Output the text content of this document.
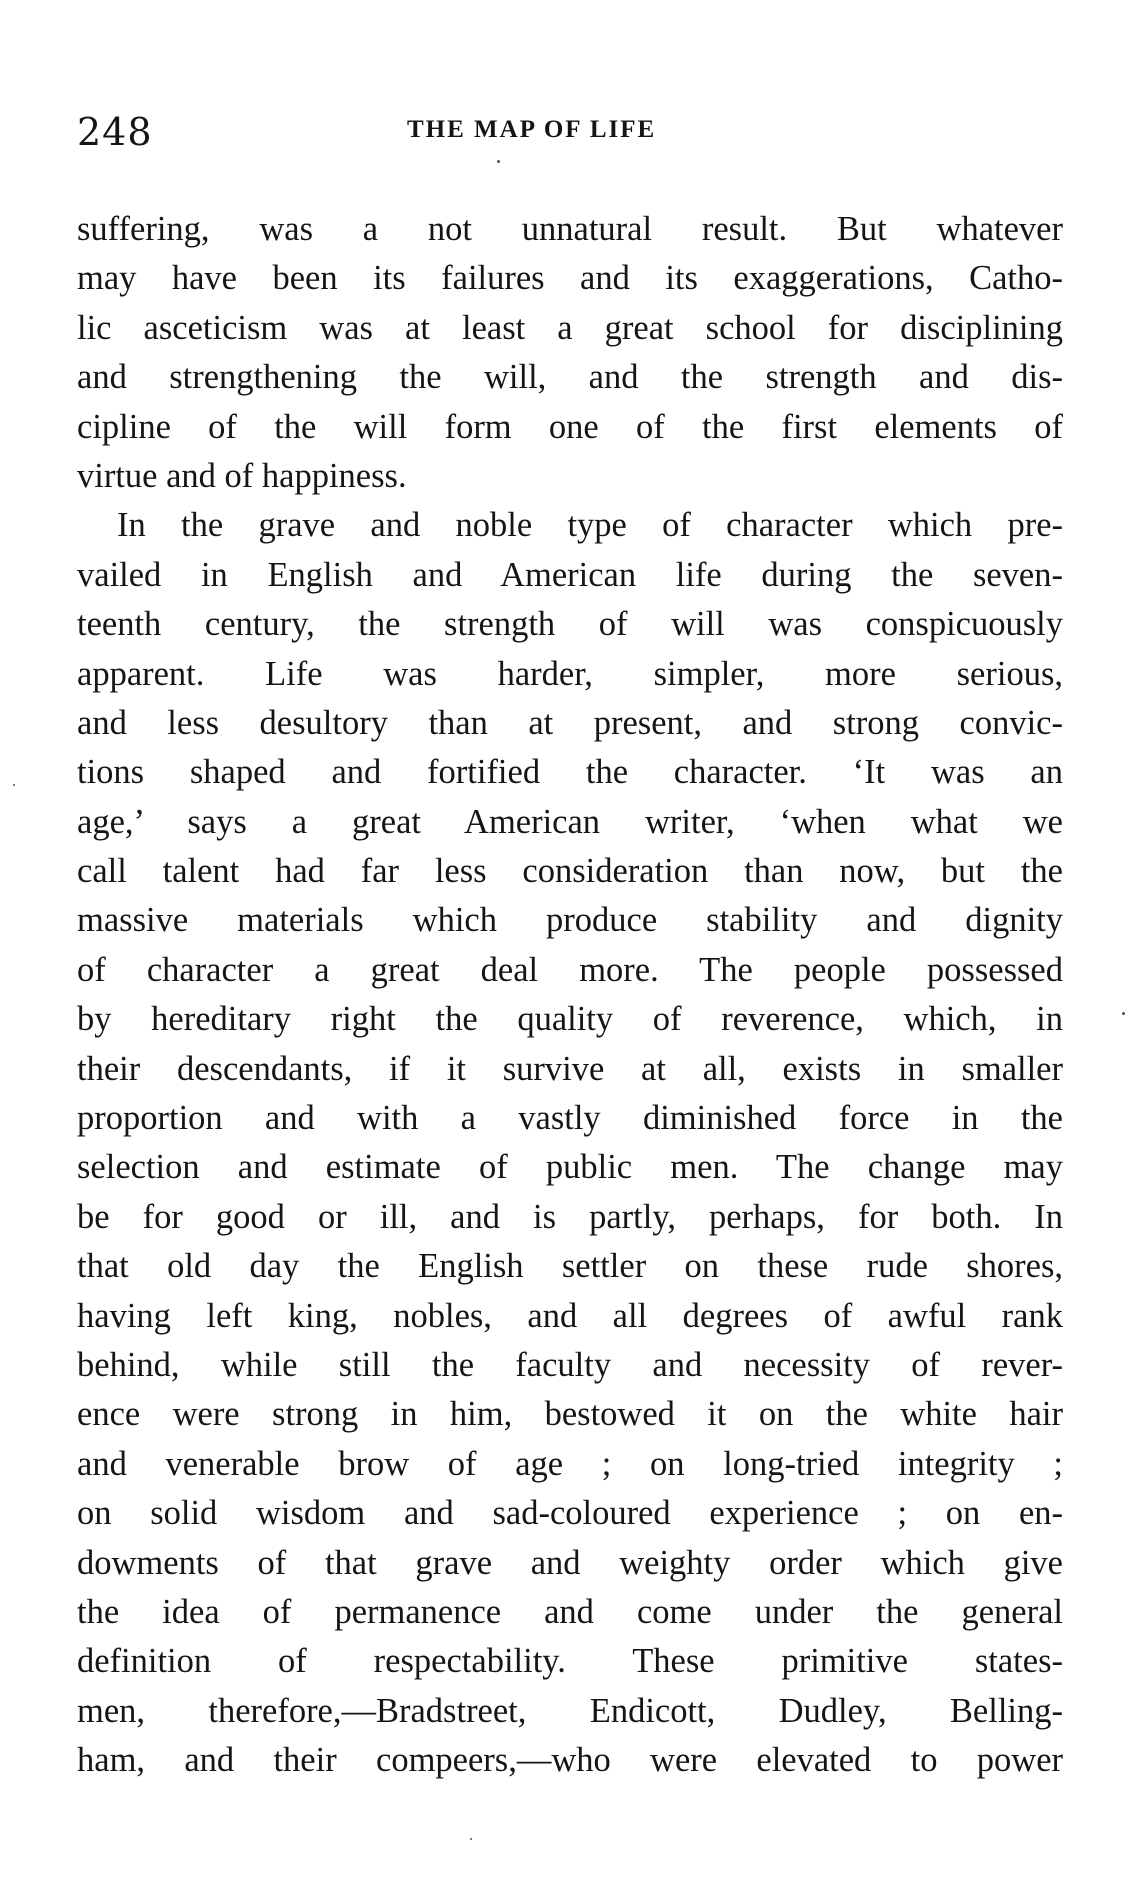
248	THE MAP OF LIFE

suffering, was a not unnatural result. But whatever
may have been its failures and its exaggerations, Catho-
lic asceticism was at least a great school for disciplining
and strengthening the will, and the strength and dis-
cipline of the will form one of the first elements of
virtue and of happiness.

In the grave and noble type of character which pre-
vailed in English and American life during the seven-
teenth century, the strength of will was conspicuously
apparent. Life was harder, simpler, more serious,
and less desultory than at present, and strong convic-
tions shaped and fortified the character. ‘It was an
age,’ says a great American writer, ‘when what we
call talent had far less consideration than now, but the
massive materials which produce stability and dignity
of character a great deal more. The people possessed
by hereditary right the quality of reverence, which, in
their descendants, if it survive at all, exists in smaller
proportion and with a vastly diminished force in the
selection and estimate of public men. The change may
be for good or ill, and is partly, perhaps, for both. In
that old day the English settler on these rude shores,
having left king, nobles, and all degrees of awful rank
behind, while still the faculty and necessity of rever-
ence were strong in him, bestowed it on the white hair
and venerable brow of age ; on long-tried integrity ;
on solid wisdom and sad-coloured experience ; on en-
dowments of that grave and weighty order which give
the idea of permanence and come under the general
definition of respectability. These primitive states-
men, therefore,—Bradstreet, Endicott, Dudley, Belling-
ham, and their compeers,—who were elevated to power
